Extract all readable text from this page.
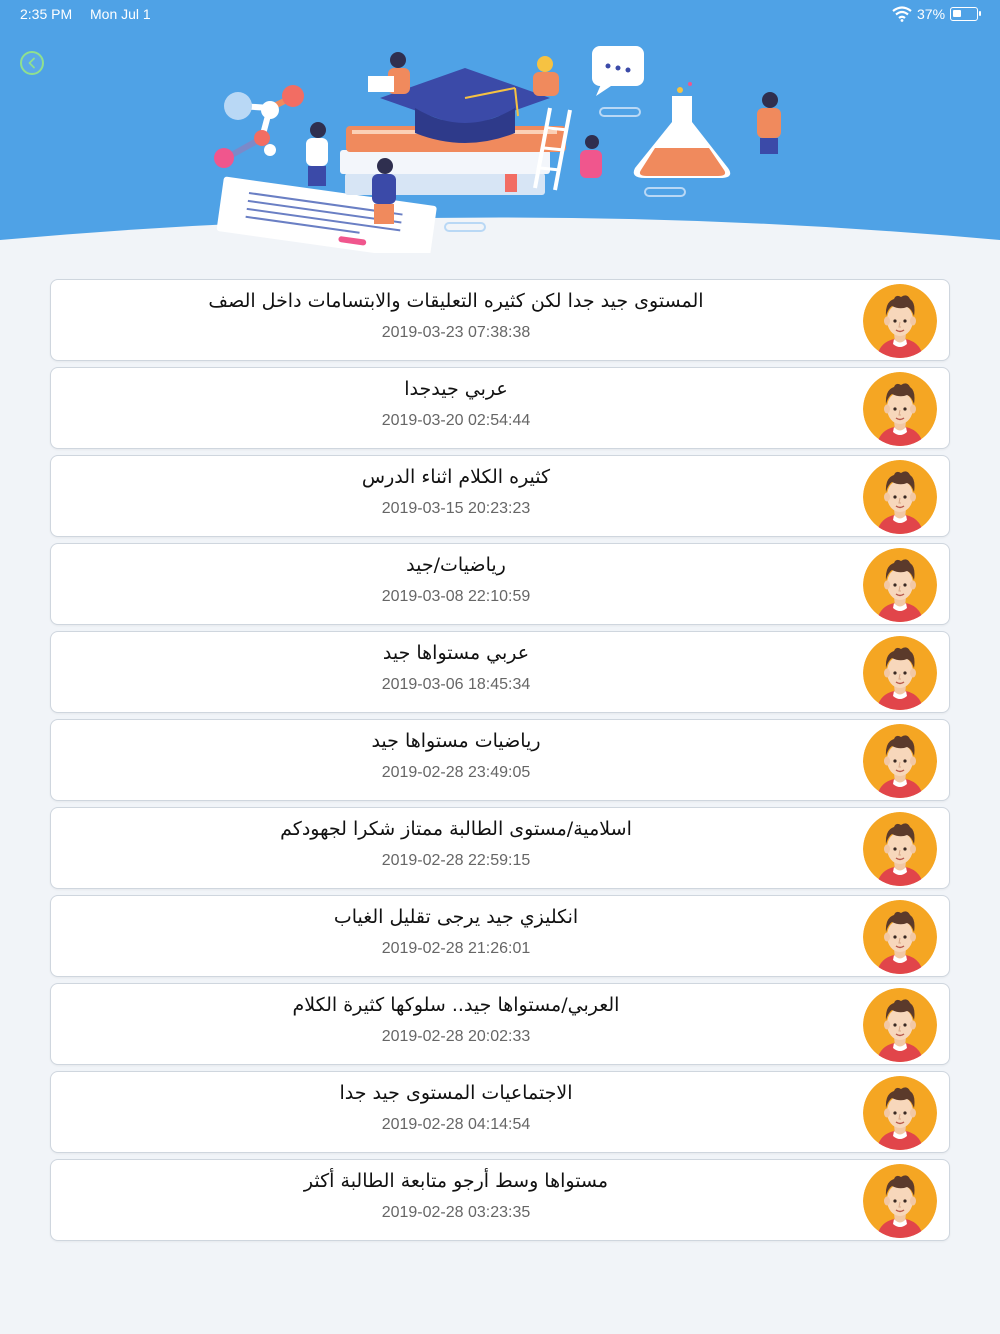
2:35 PM Mon Jul 1	37%
المستوى جيد جدا لكن كثيره التعليقات والابتسامات داخل الصف
2019-03-23 07:38:38
عربي جيدجدا
2019-03-20 02:54:44
كثيره الكلام اثناء الدرس
2019-03-15 20:23:23
رياضيات/جيد
2019-03-08 22:10:59
عربي مستواها جيد
2019-03-06 18:45:34
رياضيات مستواها جيد
2019-02-28 23:49:05
اسلامية/مستوى الطالبة ممتاز شكرا لجهودكم
2019-02-28 22:59:15
انكليزي جيد يرجى تقليل الغياب
2019-02-28 21:26:01
العربي/مستواها جيد.. سلوكها كثيرة الكلام
2019-02-28 20:02:33
الاجتماعيات المستوى جيد جدا
2019-02-28 04:14:54
مستواها وسط أرجو متابعة الطالبة أكثر
2019-02-28 03:23:35
